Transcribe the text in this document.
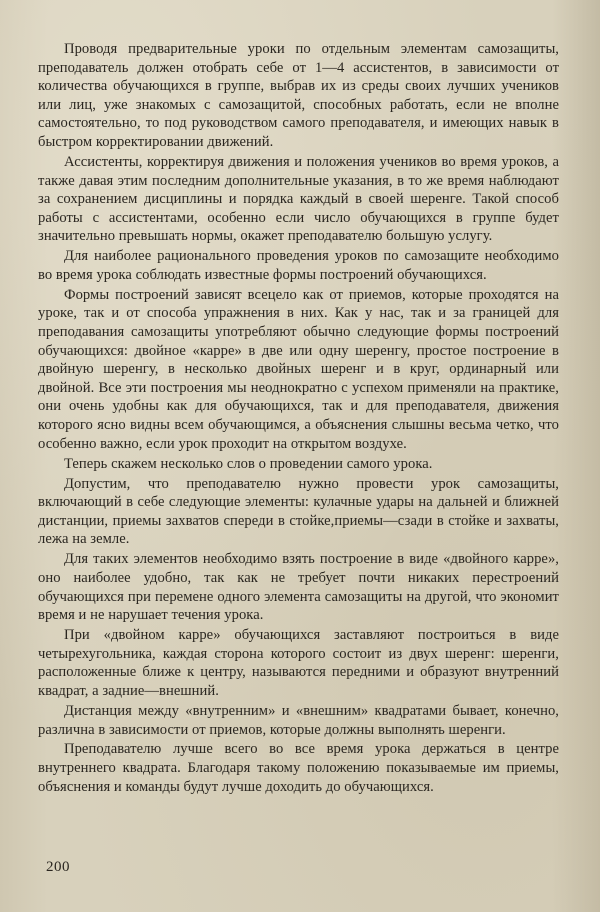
Проводя предварительные уроки по отдельным элементам самозащиты, преподаватель должен отобрать себе от 1—4 ассистентов, в зависимости от количества обучающихся в группе, выбрав их из среды своих лучших учеников или лиц, уже знакомых с самозащитой, способных работать, если не вполне самостоятельно, то под руководством самого преподавателя, и имеющих навык в быстром корректировании движений.

Ассистенты, корректируя движения и положения учеников во время уроков, а также давая этим последним дополнительные указания, в то же время наблюдают за сохранением дисциплины и порядка каждый в своей шеренге. Такой способ работы с ассистентами, особенно если число обучающихся в группе будет значительно превышать нормы, окажет преподавателю большую услугу.

Для наиболее рационального проведения уроков по самозащите необходимо во время урока соблюдать известные формы построений обучающихся.

Формы построений зависят всецело как от приемов, которые проходятся на уроке, так и от способа упражнения в них. Как у нас, так и за границей для преподавания самозащиты употребляют обычно следующие формы построений обучающихся: двойное «карре» в две или одну шеренгу, простое построение в двойную шеренгу, в несколько двойных шеренг и в круг, ординарный или двойной. Все эти построения мы неоднократно с успехом применяли на практике, они очень удобны как для обучающихся, так и для преподавателя, движения которого ясно видны всем обучающимся, а объяснения слышны весьма четко, что особенно важно, если урок проходит на открытом воздухе.

Теперь скажем несколько слов о проведении самого урока.

Допустим, что преподавателю нужно провести урок самозащиты, включающий в себе следующие элементы: кулачные удары на дальней и ближней дистанции, приемы захватов спереди в стойке,приемы—сзади в стойке и захваты, лежа на земле.

Для таких элементов необходимо взять построение в виде «двойного карре», оно наиболее удобно, так как не требует почти никаких перестроений обучающихся при перемене одного элемента самозащиты на другой, что экономит время и не нарушает течения урока.

При «двойном карре» обучающихся заставляют построиться в виде четырехугольника, каждая сторона которого состоит из двух шеренг: шеренги, расположенные ближе к центру, называются передними и образуют внутренний квадрат, а задние—внешний.

Дистанция между «внутренним» и «внешним» квадратами бывает, конечно, различна в зависимости от приемов, которые должны выполнять шеренги.

Преподавателю лучше всего во все время урока держаться в центре внутреннего квадрата. Благодаря такому положению показываемые им приемы, объяснения и команды будут лучше доходить до обучающихся.

200
